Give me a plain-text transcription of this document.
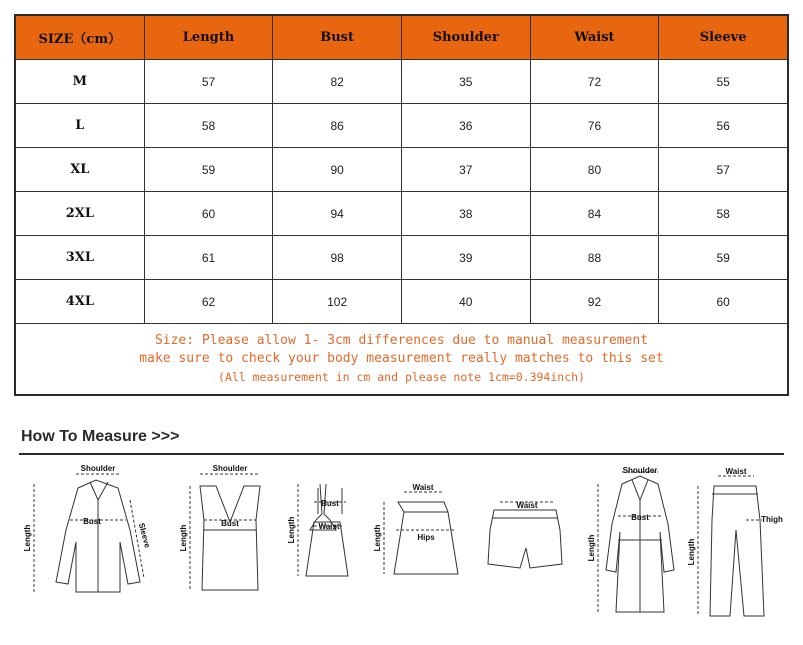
SIZE（cm）	Length	Bust	Shoulder	Waist	Sleeve
M	57	82	35	72	55
L	58	86	36	76	56
XL	59	90	37	80	57
2XL	60	94	38	84	58
3XL	61	98	39	88	59
4XL	62	102	40	92	60

Size: Please allow 1- 3cm differences due to manual measurement
make sure to check your body measurement really matches to this set
(All measurement in cm and please note 1cm=0.394inch)					
How To Measure >>>
Shoulder
Bust
Sleeve
Length
Shoulder
Bust
Length
Bust
Waist
Length
Waist
Hips
Length
Waist
Shoulder
Bust
Length
Waist
Thigh
Length
